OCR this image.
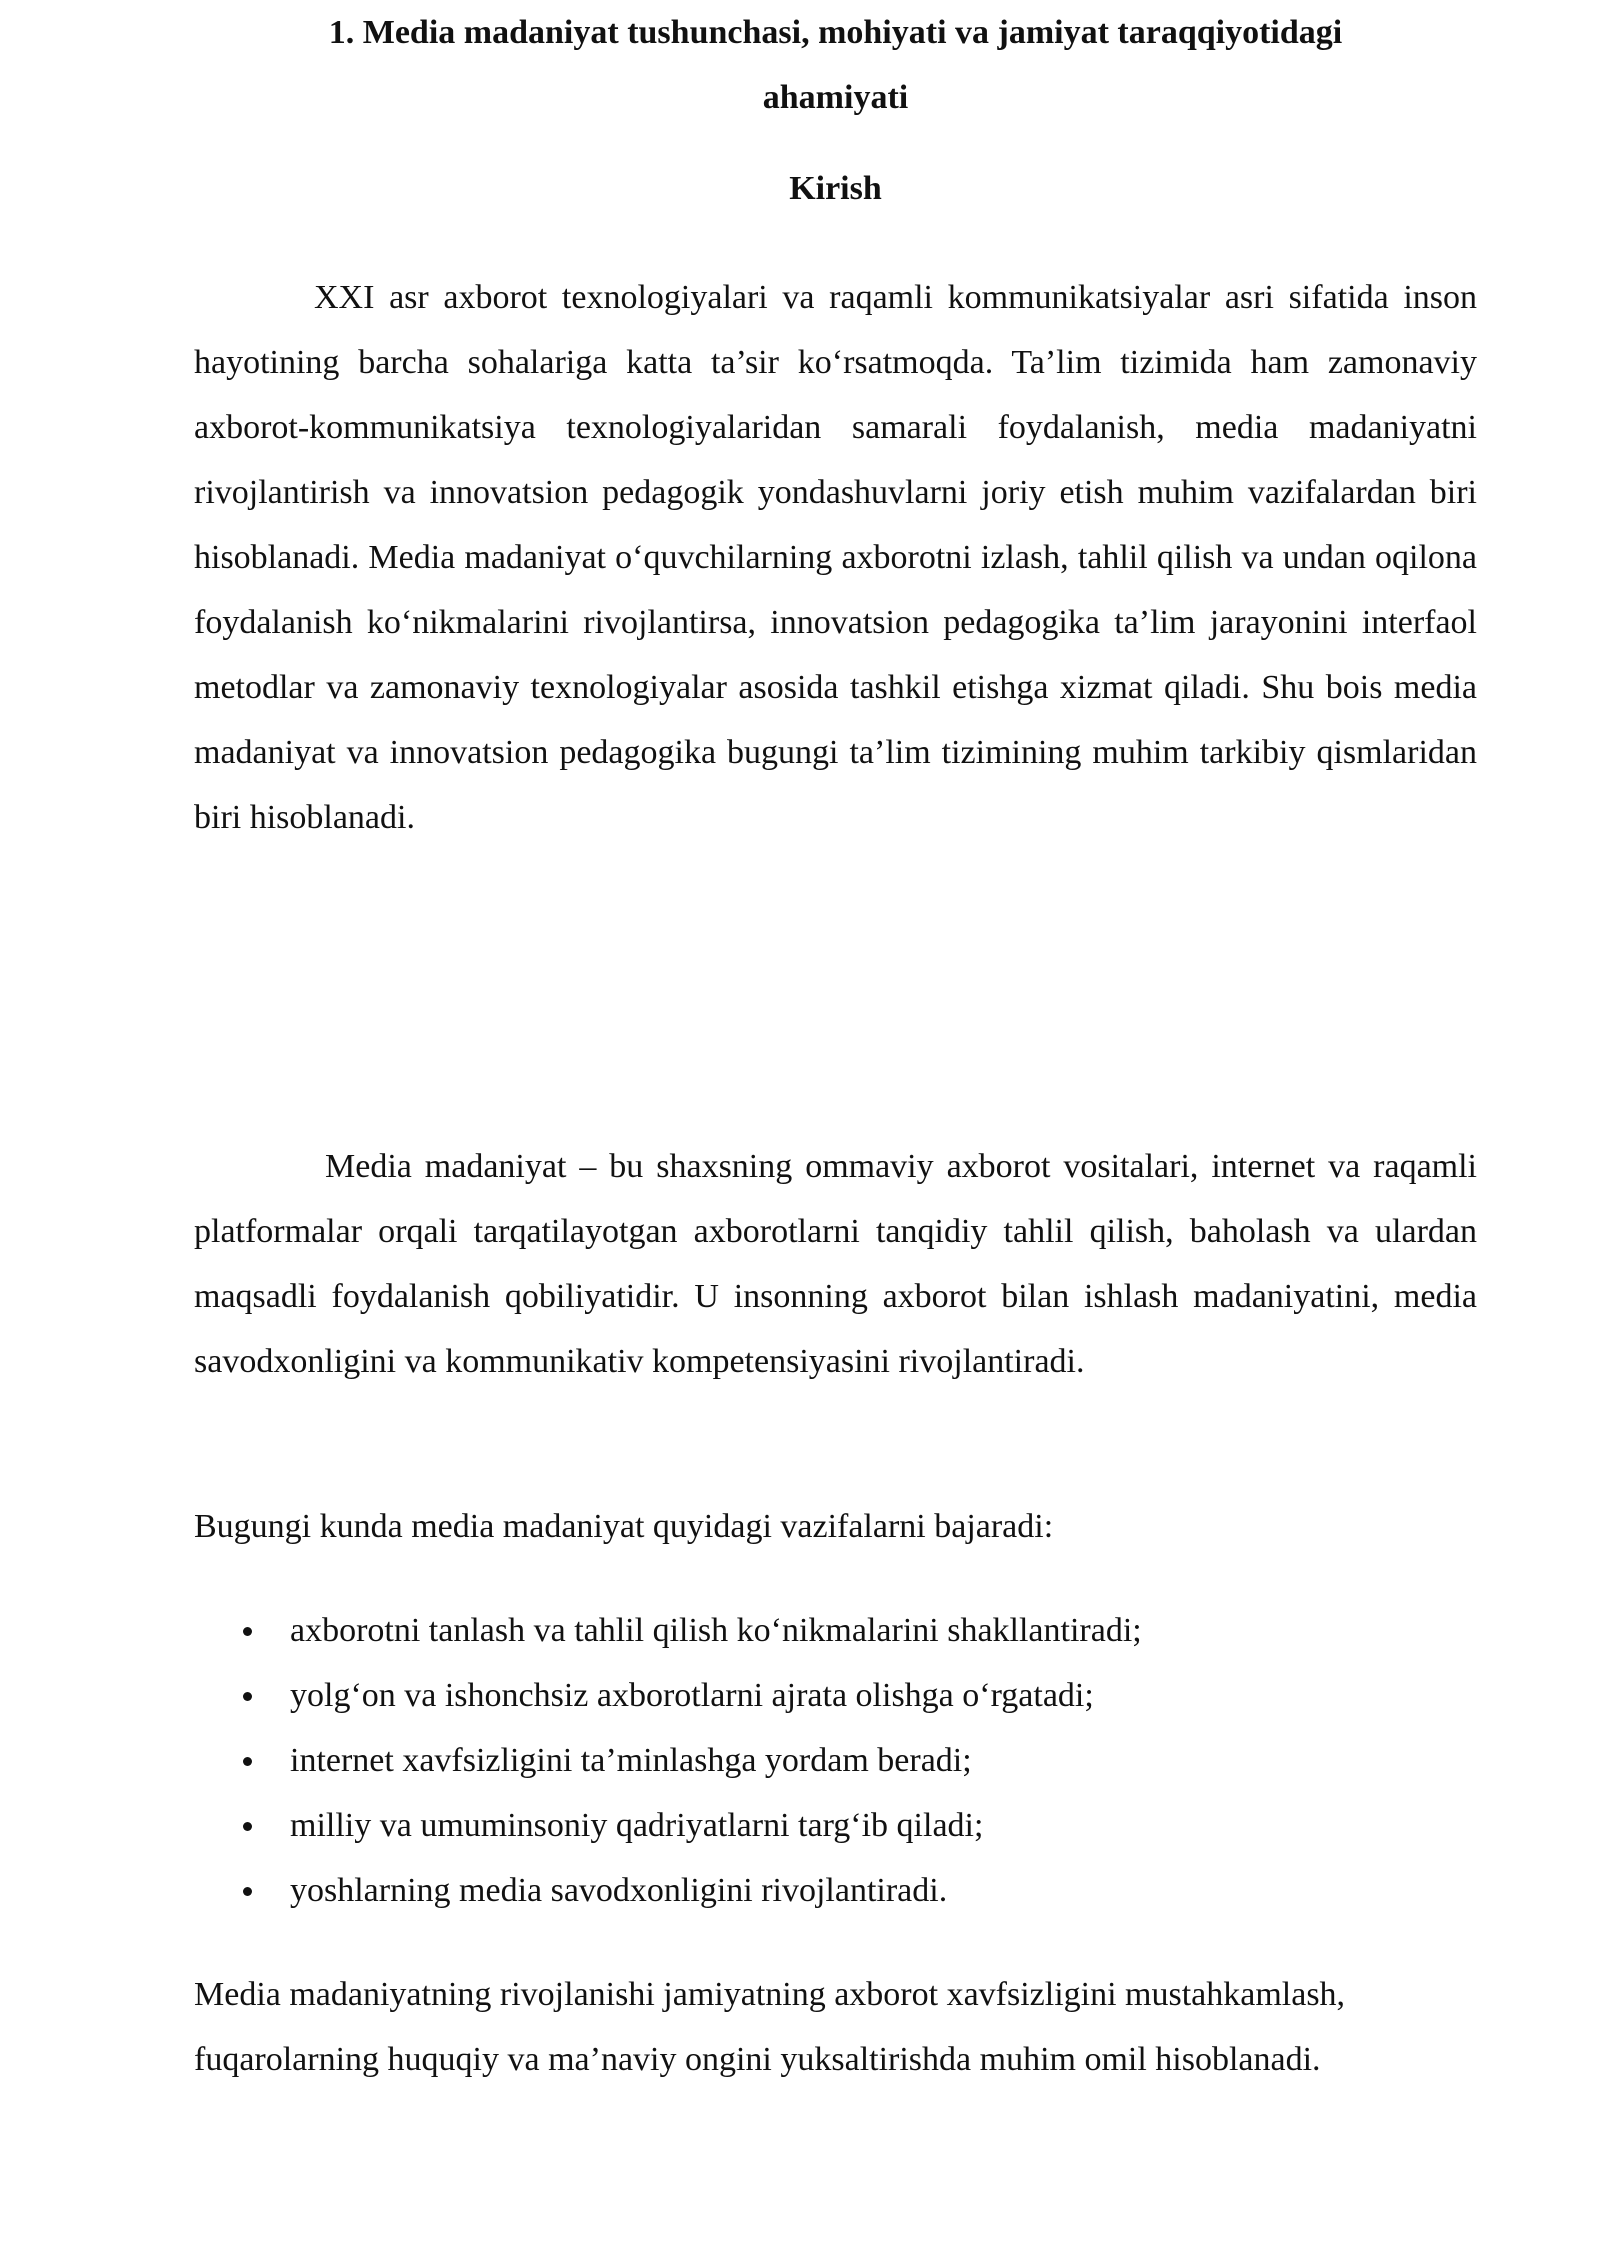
Kirish

XXI asr axborot texnologiyalari va raqamli kommunikatsiyalar asri sifatida inson hayotining barcha sohalariga katta ta’sir ko‘rsatmoqda. Ta’lim tizimida ham zamonaviy axborot-kommunikatsiya texnologiyalaridan samarali foydalanish, media madaniyatni rivojlantirish va innovatsion pedagogik yondashuvlarni joriy etish muhim vazifalardan biri hisoblanadi. Media madaniyat o‘quvchilarning axborotni izlash, tahlil qilish va undan oqilona foydalanish ko‘nikmalarini rivojlantirsa, innovatsion pedagogika ta’lim jarayonini interfaol metodlar va zamonaviy texnologiyalar asosida tashkil etishga xizmat qiladi. Shu bois media madaniyat va innovatsion pedagogika bugungi ta’lim tizimining muhim tarkibiy qismlaridan biri hisoblanadi.

1. Media madaniyat tushunchasi, mohiyati va jamiyat taraqqiyotidagi
ahamiyati

Media madaniyat – bu shaxsning ommaviy axborot vositalari, internet va raqamli platformalar orqali tarqatilayotgan axborotlarni tanqidiy tahlil qilish, baholash va ulardan maqsadli foydalanish qobiliyatidir. U insonning axborot bilan ishlash madaniyatini, media savodxonligini va kommunikativ kompetensiyasini rivojlantiradi.

Bugungi kunda media madaniyat quyidagi vazifalarni bajaradi:

axborotni tanlash va tahlil qilish ko‘nikmalarini shakllantiradi;
yolg‘on va ishonchsiz axborotlarni ajrata olishga o‘rgatadi;
internet xavfsizligini ta’minlashga yordam beradi;
milliy va umuminsoniy qadriyatlarni targ‘ib qiladi;
yoshlarning media savodxonligini rivojlantiradi.

Media madaniyatning rivojlanishi jamiyatning axborot xavfsizligini mustahkamlash, fuqarolarning huquqiy va ma’naviy ongini yuksaltirishda muhim omil hisoblanadi.
